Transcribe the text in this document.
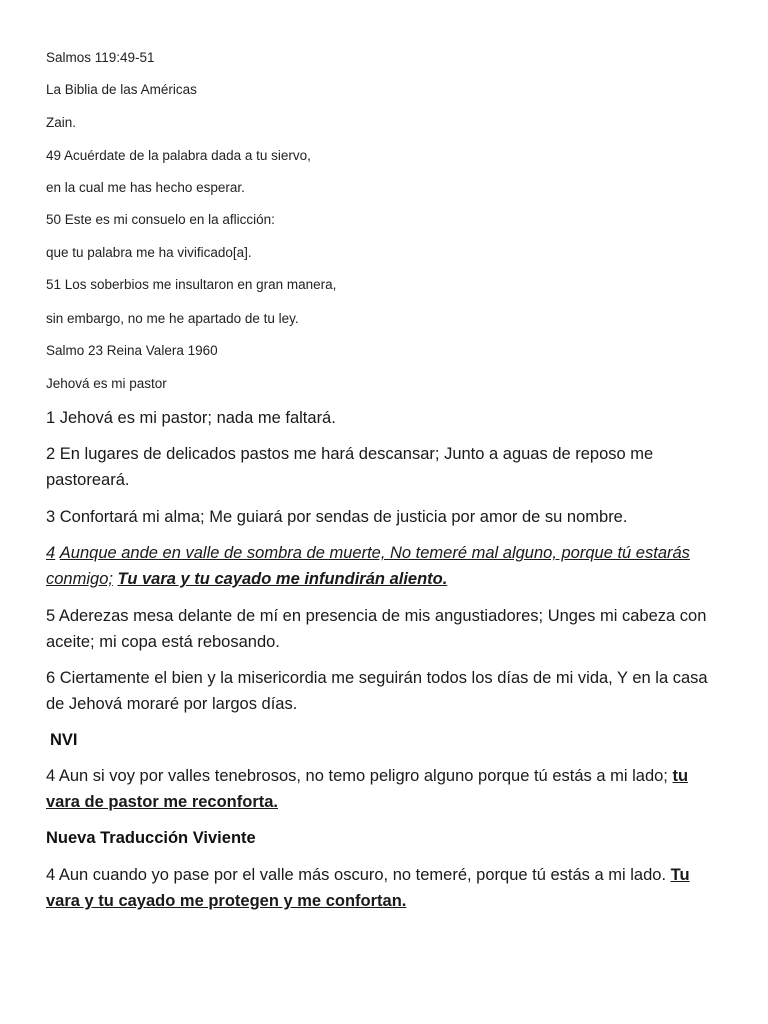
Salmos 119:49-51

La Biblia de las Américas

Zain.

49 Acuérdate de la palabra dada a tu siervo,

en la cual me has hecho esperar.

50 Este es mi consuelo en la aflicción:

que tu palabra me ha vivificado[a].

51 Los soberbios me insultaron en gran manera,

sin embargo, no me he apartado de tu ley.

Salmo 23 Reina Valera 1960

Jehová es mi pastor

1 Jehová es mi pastor; nada me faltará.

2 En lugares de delicados pastos me hará descansar; Junto a aguas de reposo me pastoreará.

3 Confortará mi alma; Me guiará por sendas de justicia por amor de su nombre.

4 Aunque ande en valle de sombra de muerte, No temeré mal alguno, porque tú estarás conmigo; Tu vara y tu cayado me infundirán aliento.

5 Aderezas mesa delante de mí en presencia de mis angustiadores; Unges mi cabeza con aceite; mi copa está rebosando.

6 Ciertamente el bien y la misericordia me seguirán todos los días de mi vida, Y en la casa de Jehová moraré por largos días.

NVI

4 Aun si voy por valles tenebrosos, no temo peligro alguno porque tú estás a mi lado; tu vara de pastor me reconforta.

Nueva Traducción Viviente

4 Aun cuando yo pase por el valle más oscuro, no temeré, porque tú estás a mi lado. Tu vara y tu cayado me protegen y me confortan.
